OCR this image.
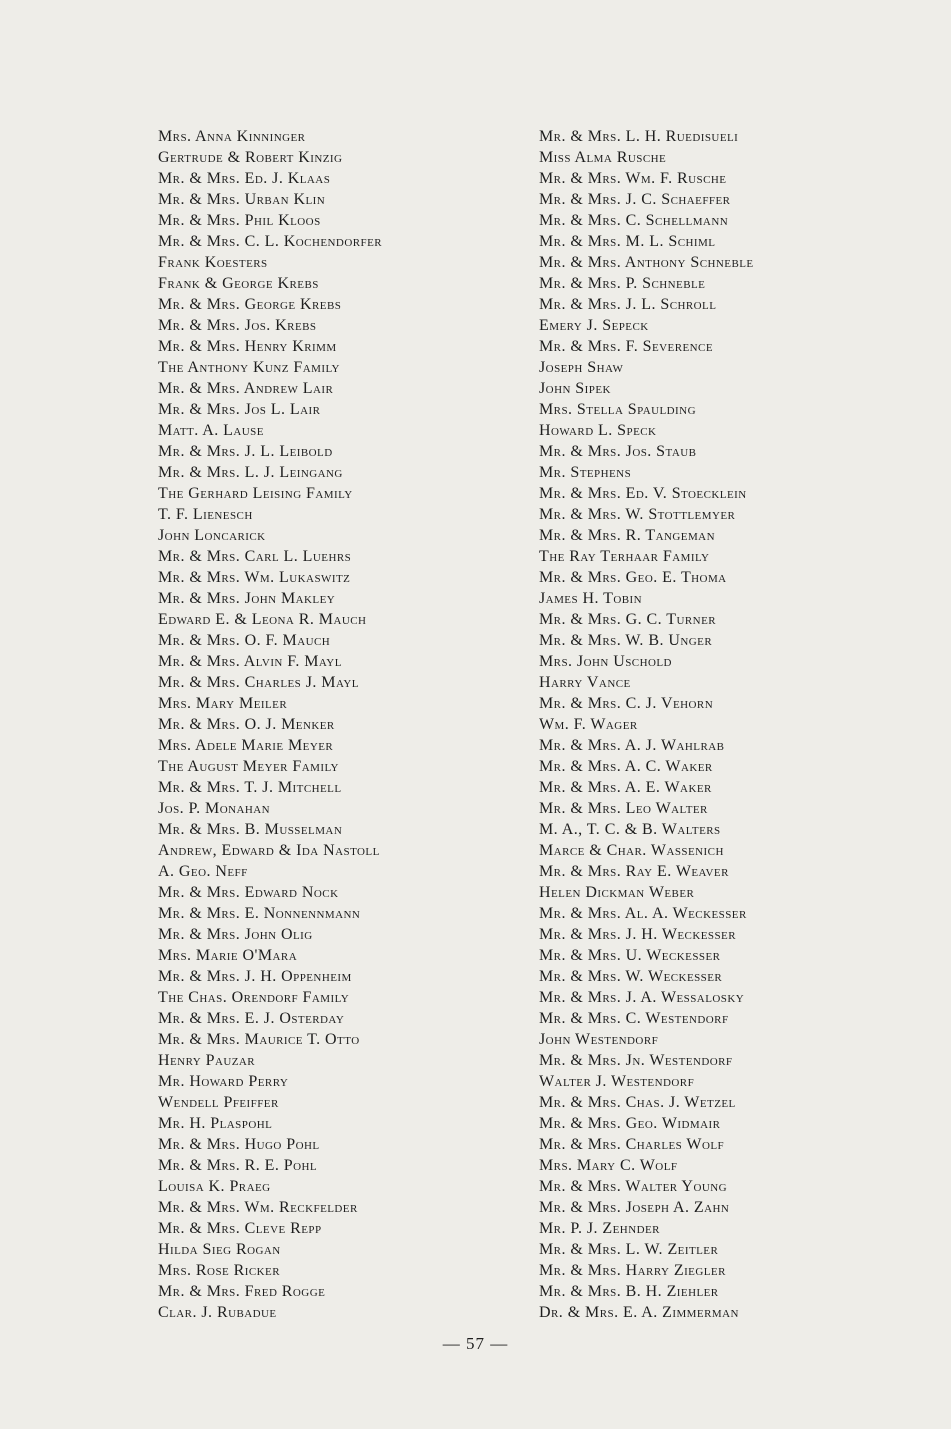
Mrs. Anna Kinninger
Gertrude & Robert Kinzig
Mr. & Mrs. Ed. J. Klaas
Mr. & Mrs. Urban Klin
Mr. & Mrs. Phil Kloos
Mr. & Mrs. C. L. Kochendorfer
Frank Koesters
Frank & George Krebs
Mr. & Mrs. George Krebs
Mr. & Mrs. Jos. Krebs
Mr. & Mrs. Henry Krimm
The Anthony Kunz Family
Mr. & Mrs. Andrew Lair
Mr. & Mrs. Jos L. Lair
Matt. A. Lause
Mr. & Mrs. J. L. Leibold
Mr. & Mrs. L. J. Leingang
The Gerhard Leising Family
T. F. Lienesch
John Loncarick
Mr. & Mrs. Carl L. Luehrs
Mr. & Mrs. Wm. Lukaswitz
Mr. & Mrs. John Makley
Edward E. & Leona R. Mauch
Mr. & Mrs. O. F. Mauch
Mr. & Mrs. Alvin F. Mayl
Mr. & Mrs. Charles J. Mayl
Mrs. Mary Meiler
Mr. & Mrs. O. J. Menker
Mrs. Adele Marie Meyer
The August Meyer Family
Mr. & Mrs. T. J. Mitchell
Jos. P. Monahan
Mr. & Mrs. B. Musselman
Andrew, Edward & Ida Nastoll
A. Geo. Neff
Mr. & Mrs. Edward Nock
Mr. & Mrs. E. Nonnennmann
Mr. & Mrs. John Olig
Mrs. Marie O'Mara
Mr. & Mrs. J. H. Oppenheim
The Chas. Orendorf Family
Mr. & Mrs. E. J. Osterday
Mr. & Mrs. Maurice T. Otto
Henry Pauzar
Mr. Howard Perry
Wendell Pfeiffer
Mr. H. Plaspohl
Mr. & Mrs. Hugo Pohl
Mr. & Mrs. R. E. Pohl
Louisa K. Praeg
Mr. & Mrs. Wm. Reckfelder
Mr. & Mrs. Cleve Repp
Hilda Sieg Rogan
Mrs. Rose Ricker
Mr. & Mrs. Fred Rogge
Clar. J. Rubadue
Mr. & Mrs. L. H. Ruedisueli
Miss Alma Rusche
Mr. & Mrs. Wm. F. Rusche
Mr. & Mrs. J. C. Schaeffer
Mr. & Mrs. C. Schellmann
Mr. & Mrs. M. L. Schiml
Mr. & Mrs. Anthony Schneble
Mr. & Mrs. P. Schneble
Mr. & Mrs. J. L. Schroll
Emery J. Sepeck
Mr. & Mrs. F. Severence
Joseph Shaw
John Sipek
Mrs. Stella Spaulding
Howard L. Speck
Mr. & Mrs. Jos. Staub
Mr. Stephens
Mr. & Mrs. Ed. V. Stoecklein
Mr. & Mrs. W. Stottlemyer
Mr. & Mrs. R. Tangeman
The Ray Terhaar Family
Mr. & Mrs. Geo. E. Thoma
James H. Tobin
Mr. & Mrs. G. C. Turner
Mr. & Mrs. W. B. Unger
Mrs. John Uschold
Harry Vance
Mr. & Mrs. C. J. Vehorn
Wm. F. Wager
Mr. & Mrs. A. J. Wahlrab
Mr. & Mrs. A. C. Waker
Mr. & Mrs. A. E. Waker
Mr. & Mrs. Leo Walter
M. A., T. C. & B. Walters
Marce & Char. Wassenich
Mr. & Mrs. Ray E. Weaver
Helen Dickman Weber
Mr. & Mrs. Al. A. Weckesser
Mr. & Mrs. J. H. Weckesser
Mr. & Mrs. U. Weckesser
Mr. & Mrs. W. Weckesser
Mr. & Mrs. J. A. Wessalosky
Mr. & Mrs. C. Westendorf
John Westendorf
Mr. & Mrs. Jn. Westendorf
Walter J. Westendorf
Mr. & Mrs. Chas. J. Wetzel
Mr. & Mrs. Geo. Widmair
Mr. & Mrs. Charles Wolf
Mrs. Mary C. Wolf
Mr. & Mrs. Walter Young
Mr. & Mrs. Joseph A. Zahn
Mr. P. J. Zehnder
Mr. & Mrs. L. W. Zeitler
Mr. & Mrs. Harry Ziegler
Mr. & Mrs. B. H. Ziehler
Dr. & Mrs. E. A. Zimmerman
— 57 —
